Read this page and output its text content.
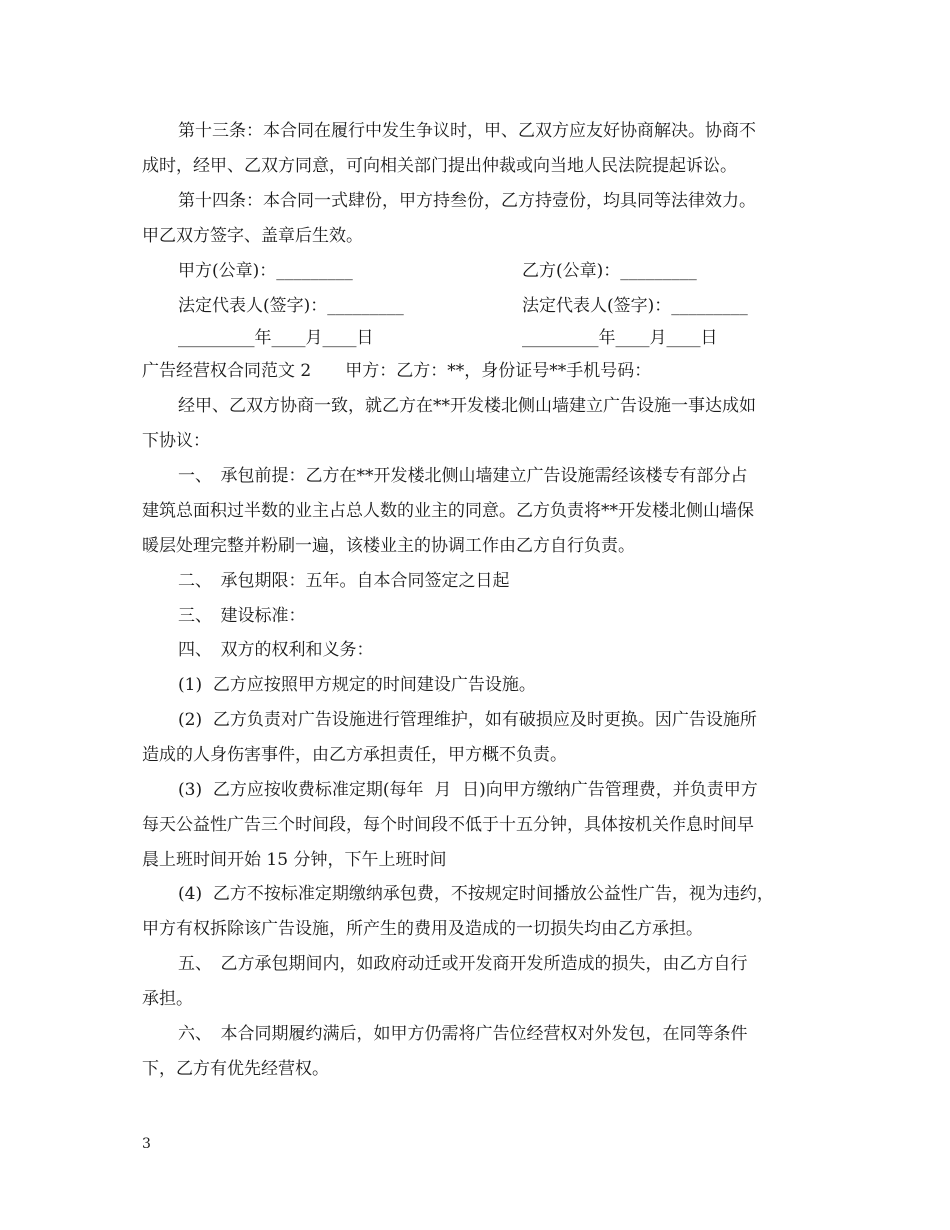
第十三条：本合同在履行中发生争议时，甲、乙双方应友好协商解决。协商不

成时，经甲、乙双方同意，可向相关部门提出仲裁或向当地人民法院提起诉讼。

第十四条：本合同一式肆份，甲方持叁份，乙方持壹份，均具同等法律效力。

甲乙双方签字、盖章后生效。

甲方(公章)：_________	乙方(公章)：_________

法定代表人(签字)：_________	法定代表人(签字)：_________

_________年____月____日	_________年____月____日

广告经营权合同范文 2　　甲方：乙方：**，身份证号**手机号码：

经甲、乙双方协商一致，就乙方在**开发楼北侧山墙建立广告设施一事达成如

下协议：

一、　承包前提：乙方在**开发楼北侧山墙建立广告设施需经该楼专有部分占

建筑总面积过半数的业主占总人数的业主的同意。乙方负责将**开发楼北侧山墙保

暖层处理完整并粉刷一遍，该楼业主的协调工作由乙方自行负责。

二、　承包期限：五年。自本合同签定之日起

三、　建设标准：

四、　双方的权利和义务：

(1)  乙方应按照甲方规定的时间建设广告设施。

(2)  乙方负责对广告设施进行管理维护，如有破损应及时更换。因广告设施所

造成的人身伤害事件，由乙方承担责任，甲方概不负责。

(3)  乙方应按收费标准定期(每年  月  日)向甲方缴纳广告管理费，并负责甲方

每天公益性广告三个时间段，每个时间段不低于十五分钟，具体按机关作息时间早

晨上班时间开始 15 分钟，下午上班时间

(4)  乙方不按标准定期缴纳承包费，不按规定时间播放公益性广告，视为违约，

甲方有权拆除该广告设施，所产生的费用及造成的一切损失均由乙方承担。

五、　乙方承包期间内，如政府动迁或开发商开发所造成的损失，由乙方自行

承担。

六、　本合同期履约满后，如甲方仍需将广告位经营权对外发包，在同等条件

下，乙方有优先经营权。

3
